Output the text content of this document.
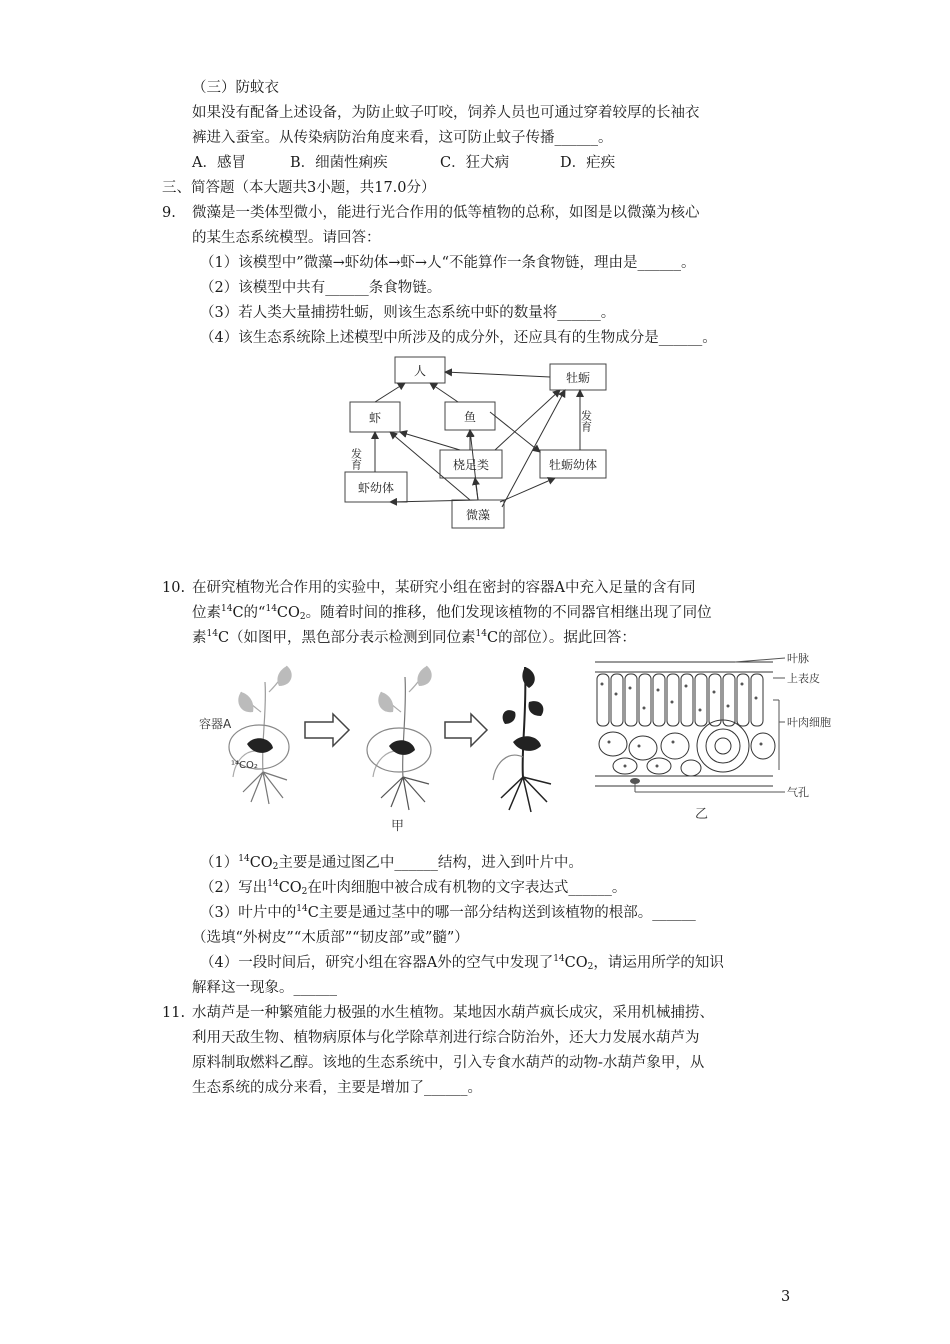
（三）防蚊衣
如果没有配备上述设备，为防止蚊子叮咬，饲养人员也可通过穿着较厚的长袖衣
裤进入蚕室。从传染病防治角度来看，这可防止蚊子传播______。
A．感冒	B．细菌性痢疾	C．狂犬病	D．疟疾
三、简答题（本大题共3小题，共17.0分）
9. 微藻是一类体型微小，能进行光合作用的低等植物的总称，如图是以微藻为核心
的某生态系统模型。请回答：
（1）该模型中”微藻→虾幼体→虾→人“不能算作一条食物链，理由是______。
（2）该模型中共有______条食物链。
（3）若人类大量捕捞牡蛎，则该生态系统中虾的数量将______。
（4）该生态系统除上述模型中所涉及的成分外，还应具有的生物成分是______。
人	牡蛎
虾	鱼
桡足类	牡蛎幼体
虾幼体
微藻
发育
发育
10. 在研究植物光合作用的实验中，某研究小组在密封的容器A中充入足量的含有同
位素$^{14}$C的“$^{14}CO_2$。随着时间的推移，他们发现该植物的不同器官相继出现了同位
素$^{14}$C（如图甲，黑色部分表示检测到同位素$^{14}$C的部位）。据此回答：
容器A
¹⁴CO₂
甲
叶脉
上表皮
叶肉细胞
气孔
乙
$(1)^{14}CO_2$主要是通过图乙中______结构，进入到叶片中。
（2）写出$^{14}CO_2$在叶肉细胞中被合成有机物的文字表达式______。
（3）叶片中的$^{14}$C主要是通过茎中的哪一部分结构送到该植物的根部。______
（选填“外树皮”“木质部”“韧皮部”或”髓”）
（4）一段时间后，研究小组在容器A外的空气中发现了$^{14}CO_2$，请运用所学的知识
解释这一现象。______
11. 水葫芦是一种繁殖能力极强的水生植物。某地因水葫芦疯长成灾，采用机械捕捞、
利用天敌生物、植物病原体与化学除草剂进行综合防治外，还大力发展水葫芦为
原料制取燃料乙醇。该地的生态系统中，引入专食水葫芦的动物-水葫芦象甲，从
生态系统的成分来看，主要是增加了______。
3
